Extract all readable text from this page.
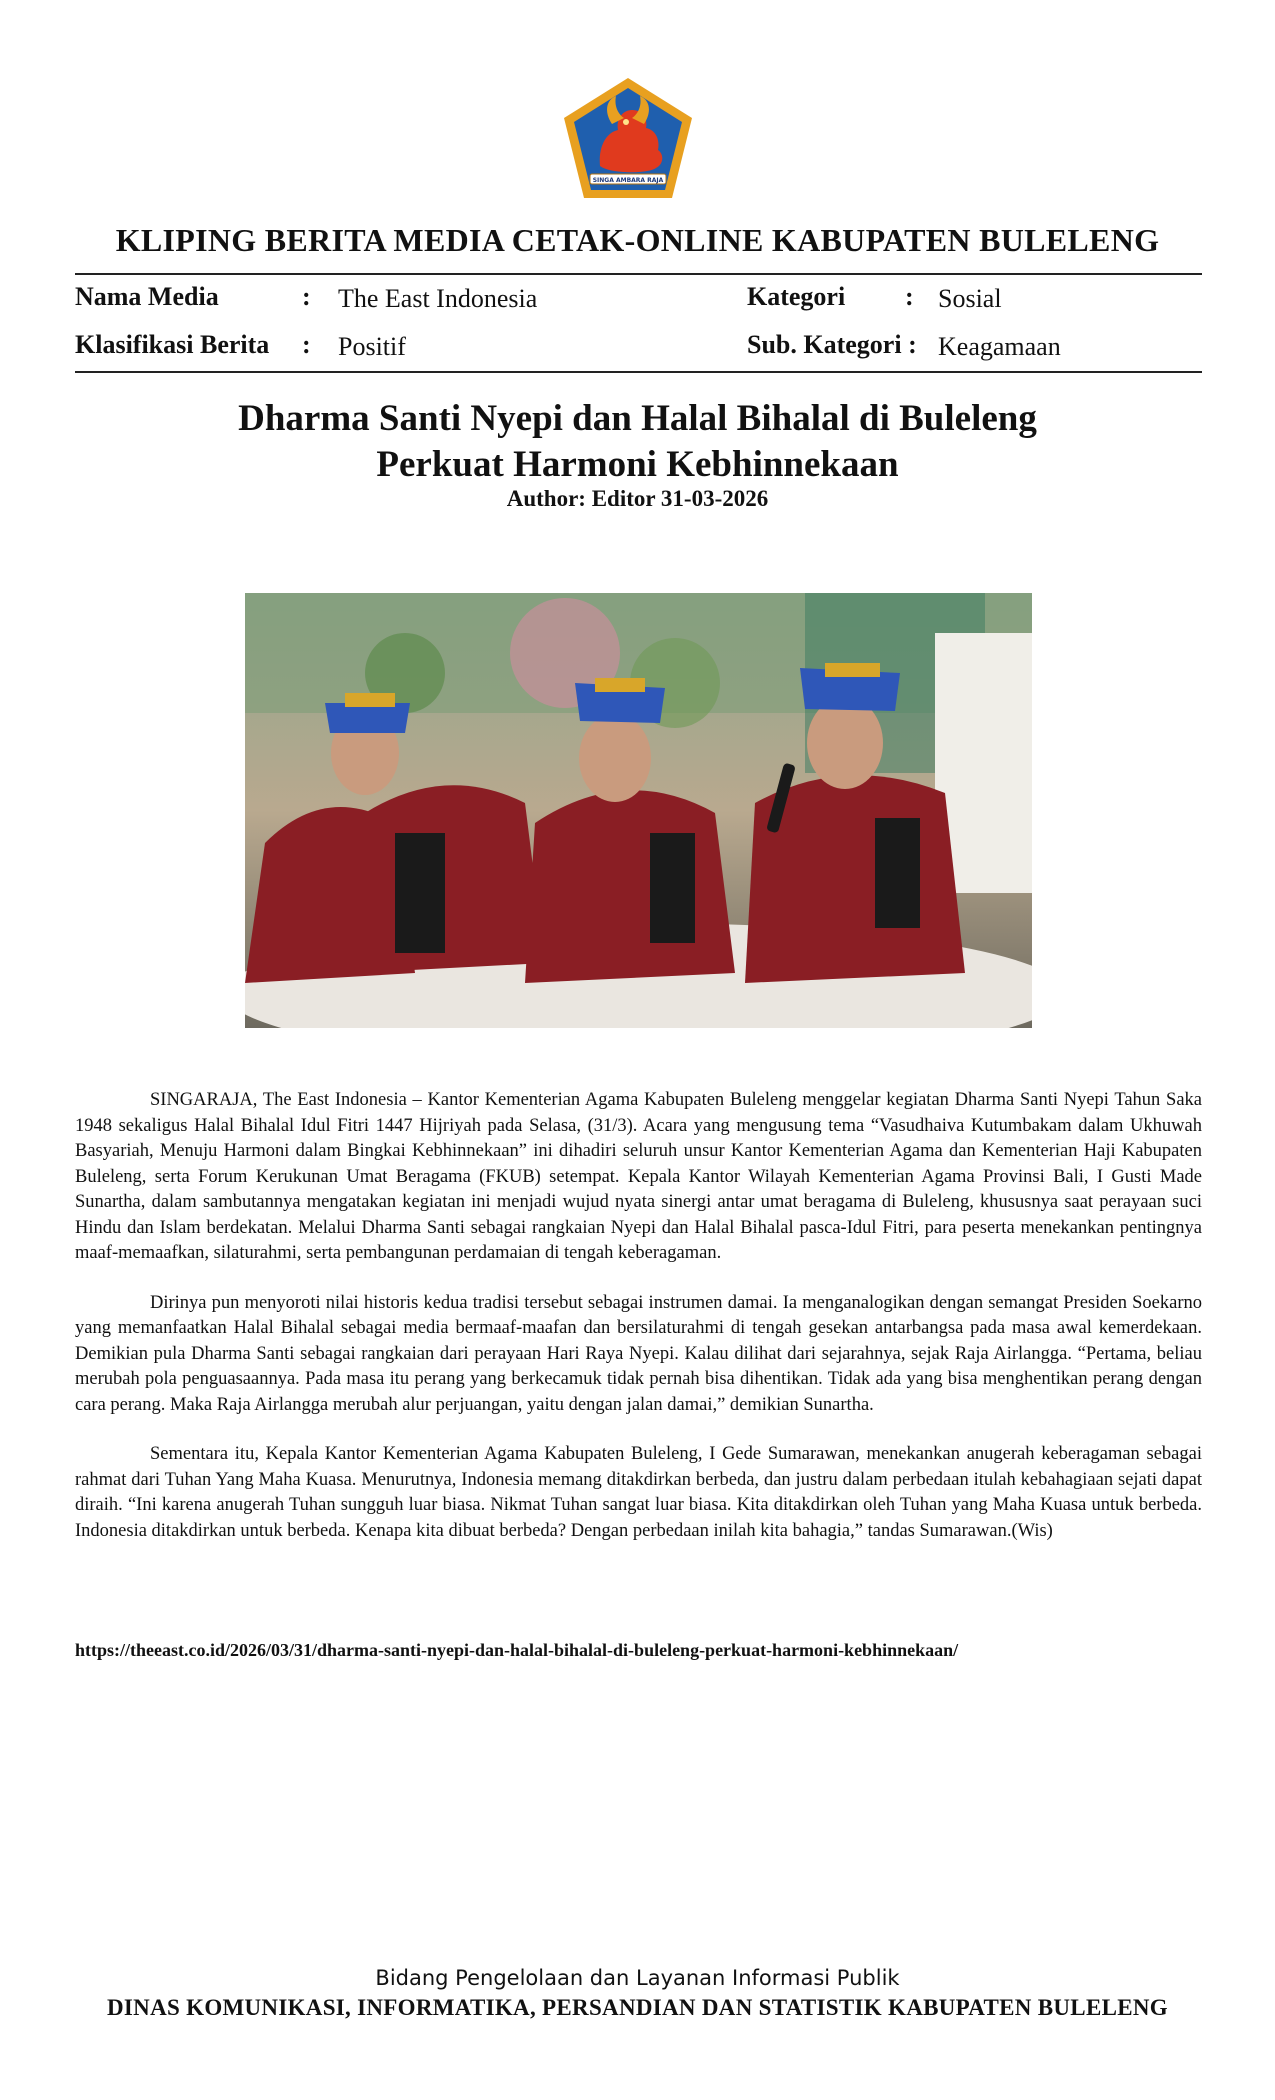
SINGA AMBARA RAJA
KLIPING BERITA MEDIA CETAK-ONLINE KABUPATEN BULELENG
Nama Media	: The East Indonesia	Kategori : Sosial
Klasifikasi Berita : Positif	Sub. Kategori : Keagamaan
Dharma Santi Nyepi dan Halal Bihalal di Buleleng
Perkuat Harmoni Kebhinnekaan
Author: Editor 31-03-2026

SINGARAJA, The East Indonesia – Kantor Kementerian Agama Kabupaten Buleleng menggelar kegiatan Dharma Santi Nyepi Tahun Saka 1948 sekaligus Halal Bihalal Idul Fitri 1447 Hijriyah pada Selasa, (31/3). Acara yang mengusung tema “Vasudhaiva Kutumbakam dalam Ukhuwah Basyariah, Menuju Harmoni dalam Bingkai Kebhinnekaan” ini dihadiri seluruh unsur Kantor Kementerian Agama dan Kementerian Haji Kabupaten Buleleng, serta Forum Kerukunan Umat Beragama (FKUB) setempat. Kepala Kantor Wilayah Kementerian Agama Provinsi Bali, I Gusti Made Sunartha, dalam sambutannya mengatakan kegiatan ini menjadi wujud nyata sinergi antar umat beragama di Buleleng, khususnya saat perayaan suci Hindu dan Islam berdekatan. Melalui Dharma Santi sebagai rangkaian Nyepi dan Halal Bihalal pasca-Idul Fitri, para peserta menekankan pentingnya maaf-memaafkan, silaturahmi, serta pembangunan perdamaian di tengah keberagaman.

Dirinya pun menyoroti nilai historis kedua tradisi tersebut sebagai instrumen damai. Ia menganalogikan dengan semangat Presiden Soekarno yang memanfaatkan Halal Bihalal sebagai media bermaaf-maafan dan bersilaturahmi di tengah gesekan antarbangsa pada masa awal kemerdekaan. Demikian pula Dharma Santi sebagai rangkaian dari perayaan Hari Raya Nyepi. Kalau dilihat dari sejarahnya, sejak Raja Airlangga. “Pertama, beliau merubah pola penguasaannya. Pada masa itu perang yang berkecamuk tidak pernah bisa dihentikan. Tidak ada yang bisa menghentikan perang dengan cara perang. Maka Raja Airlangga merubah alur perjuangan, yaitu dengan jalan damai,” demikian Sunartha.

Sementara itu, Kepala Kantor Kementerian Agama Kabupaten Buleleng, I Gede Sumarawan, menekankan anugerah keberagaman sebagai rahmat dari Tuhan Yang Maha Kuasa. Menurutnya, Indonesia memang ditakdirkan berbeda, dan justru dalam perbedaan itulah kebahagiaan sejati dapat diraih. “Ini karena anugerah Tuhan sungguh luar biasa. Nikmat Tuhan sangat luar biasa. Kita ditakdirkan oleh Tuhan yang Maha Kuasa untuk berbeda. Indonesia ditakdirkan untuk berbeda. Kenapa kita dibuat berbeda? Dengan perbedaan inilah kita bahagia,” tandas Sumarawan.(Wis)

https://theeast.co.id/2026/03/31/dharma-santi-nyepi-dan-halal-bihalal-di-buleleng-perkuat-harmoni-kebhinnekaan/
Bidang Pengelolaan dan Layanan Informasi Publik
DINAS KOMUNIKASI, INFORMATIKA, PERSANDIAN DAN STATISTIK KABUPATEN BULELENG
